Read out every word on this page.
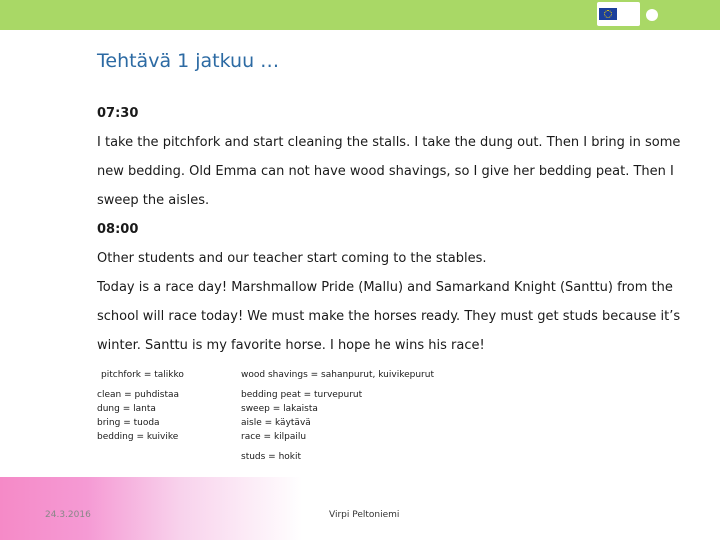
Tehtävä 1 jatkuu …

07:30

I take the pitchfork and start cleaning the stalls. I take the dung out. Then I bring in some new bedding. Old Emma can not have wood shavings, so I give her bedding peat. Then I sweep the aisles.

08:00

Other students and our teacher start coming to the stables.

Today is a race day! Marshmallow Pride (Mallu) and Samarkand Knight (Santtu) from the school will race today! We must make the horses ready. They must get studs because it’s winter. Santtu is my favorite horse. I hope he wins his race!

pitchfork = talikko
clean = puhdistaa
dung = lanta
bring = tuoda
bedding = kuivike
wood shavings = sahanpurut, kuivikepurut
bedding peat = turvepurut
sweep = lakaista
aisle = käytävä
race = kilpailu
studs = hokit
24.3.2016	Virpi Peltoniemi
